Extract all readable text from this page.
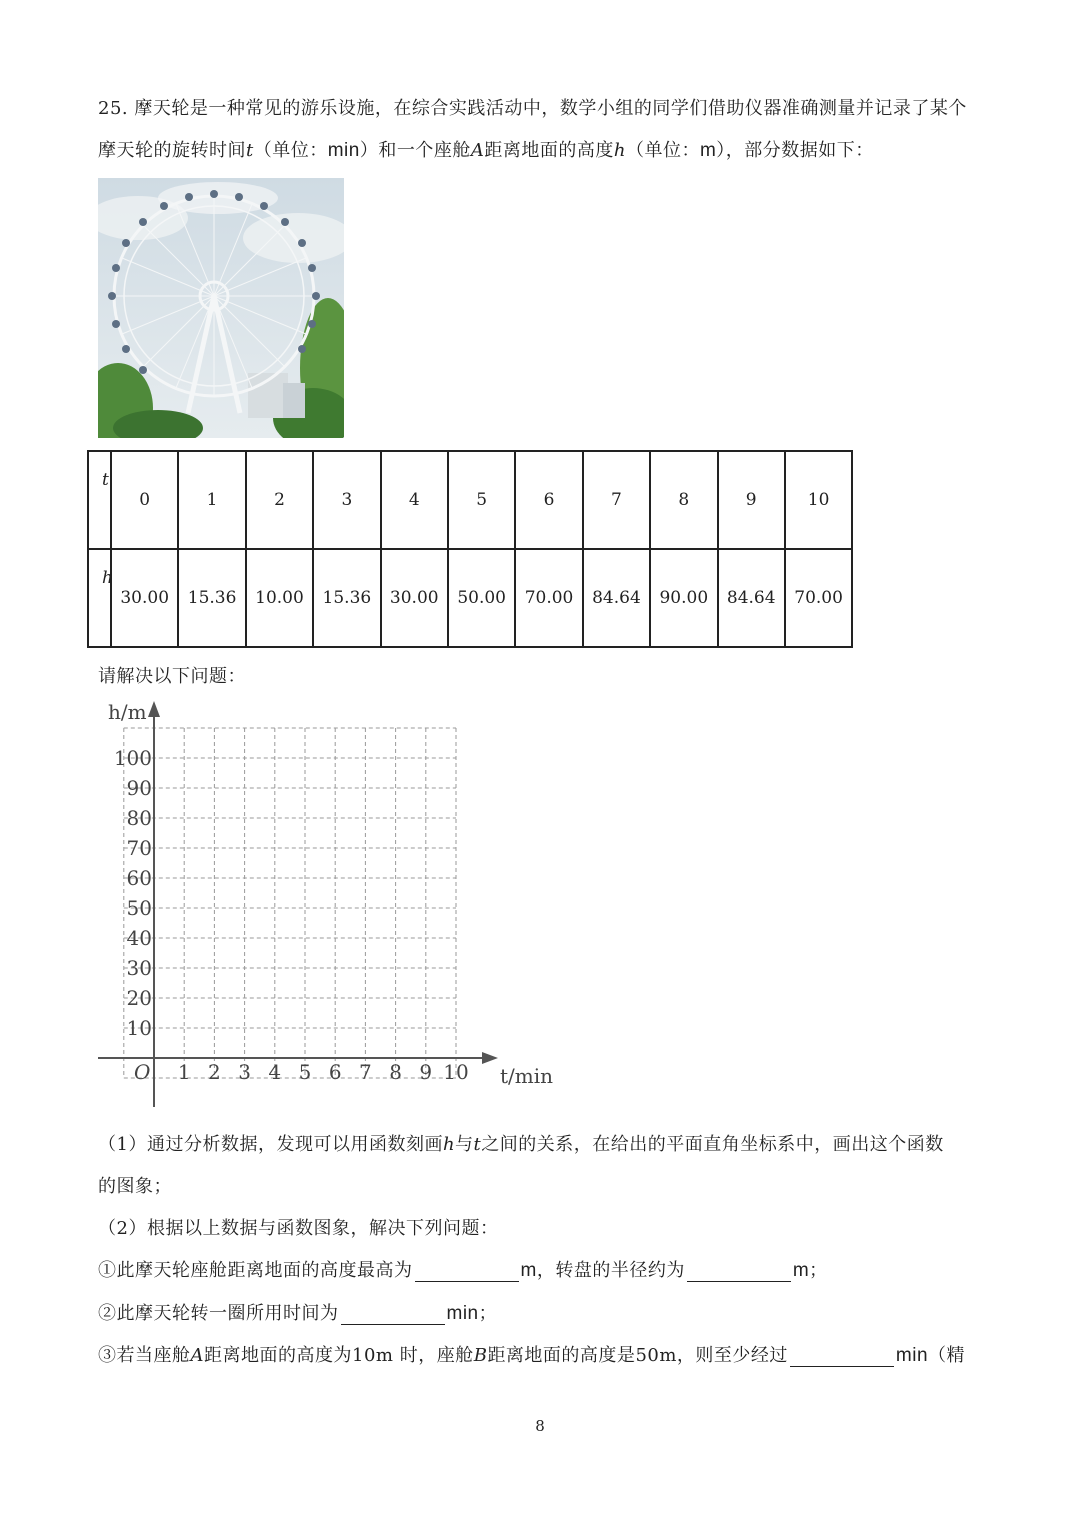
25. 摩天轮是一种常见的游乐设施，在综合实践活动中，数学小组的同学们借助仪器准确测量并记录了某个
摩天轮的旋转时间t（单位：min）和一个座舱A距离地面的高度h（单位：m），部分数据如下：
t	0	1	2	3	4	5	6	7	8	9	10

h	30.00	15.36	10.00	15.36	30.00	50.00	70.00	84.64	90.00	84.64	70.00
请解决以下问题：
1 2 3 4 5 6 7 8 9 10
10
20
30
40
50
60
70
80
90
100
O	t/min
h/m
（1）通过分析数据，发现可以用函数刻画h与t之间的关系，在给出的平面直角坐标系中，画出这个函数
的图象；
（2）根据以上数据与函数图象，解决下列问题：
①此摩天轮座舱距离地面的高度最高为	m，转盘的半径约为	m；
②此摩天轮转一圈所用时间为	min；
③若当座舱A距离地面的高度为10m 时，座舱B距离地面的高度是50m，则至少经过	min（精
8
